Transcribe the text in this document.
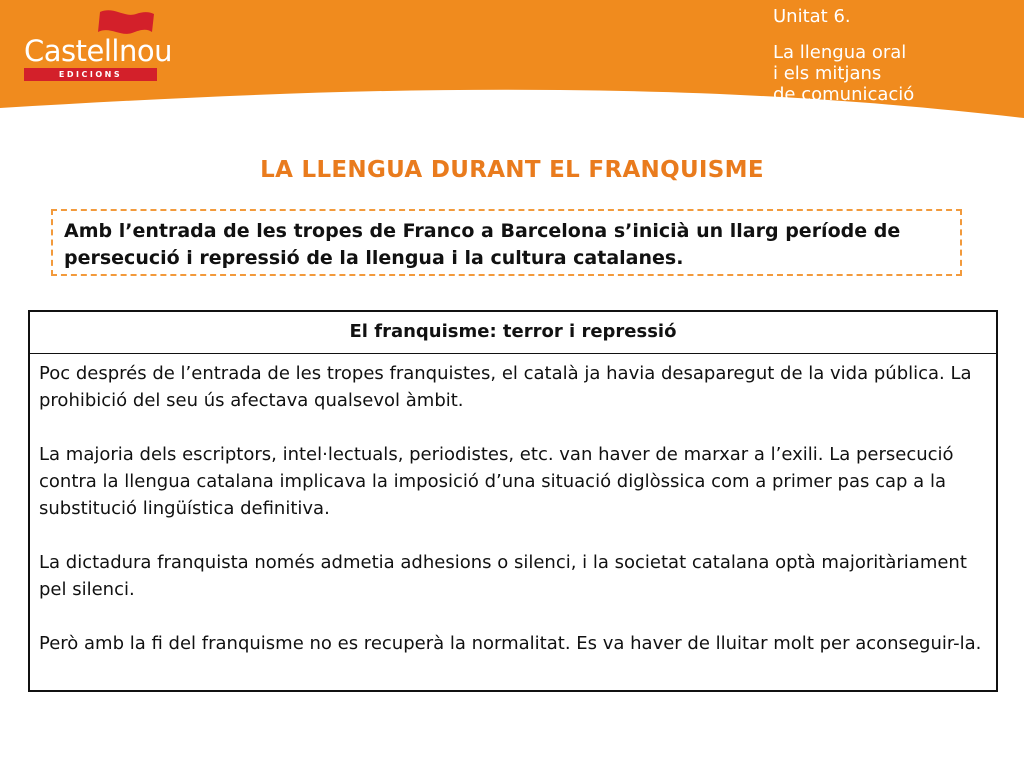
Castellnou
EDICIONS
Unitat 6.
La llengua oral
i els mitjans
de comunicació
LA LLENGUA DURANT EL FRANQUISME
Amb l’entrada de les tropes de Franco a Barcelona s’inicià un llarg període de persecució i repressió de la llengua i la cultura catalanes.
El franquisme: terror i repressió

Poc després de l’entrada de les tropes franquistes, el català ja havia desaparegut de la vida pública. La prohibició del seu ús afectava qualsevol àmbit.

La majoria dels escriptors, intel·lectuals, periodistes, etc. van haver de marxar a l’exili. La persecució contra la llengua catalana implicava la imposició d’una situació diglòssica com a primer pas cap a la substitució lingüística definitiva.

La dictadura franquista només admetia adhesions o silenci, i la societat catalana optà majoritàriament pel silenci.

Però amb la fi del franquisme no es recuperà la normalitat. Es va haver de lluitar molt per aconseguir-la.
